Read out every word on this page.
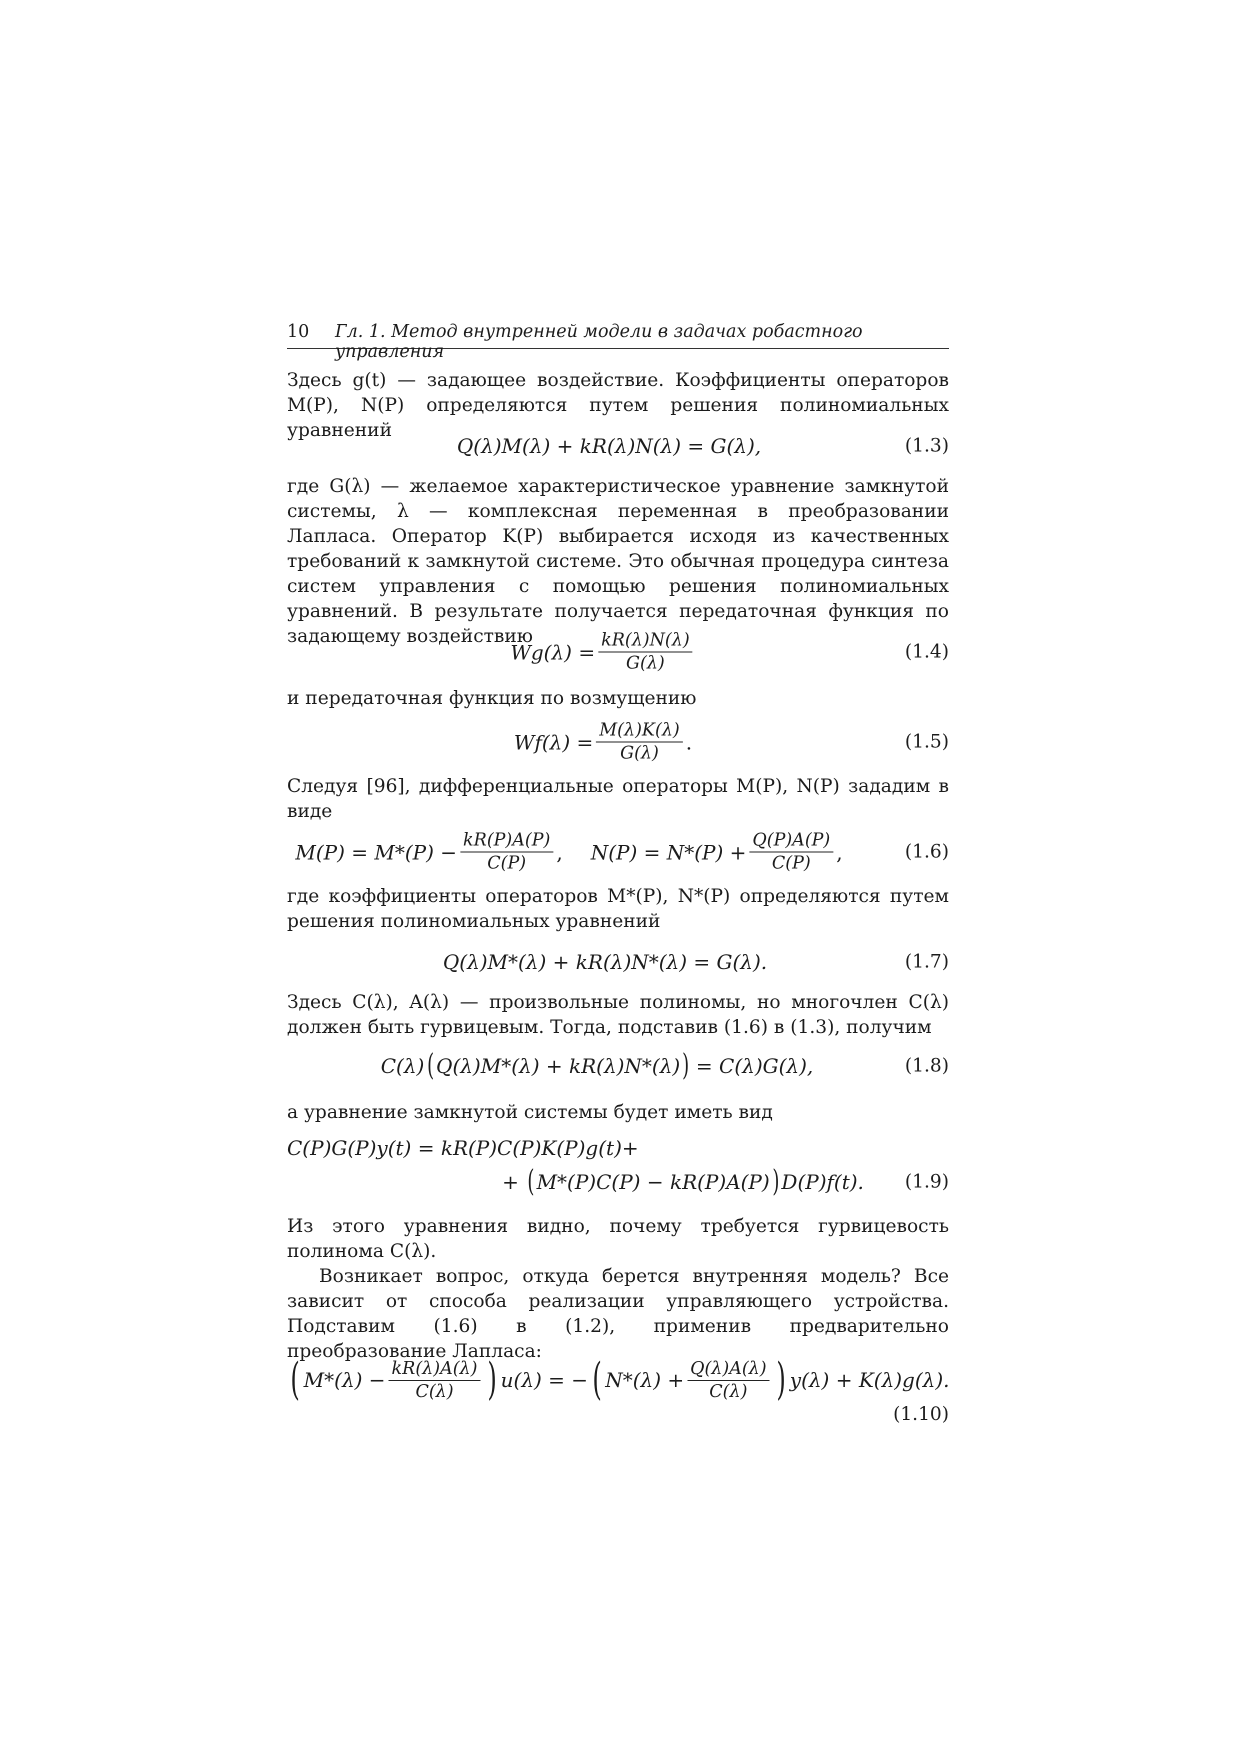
10 Гл. 1. Метод внутренней модели в задачах робастного управления

Здесь g(t) — задающее воздействие. Коэффициенты операторов M(P), N(P) определяются путем решения полиномиальных уравнений

Q(λ)M(λ) + kR(λ)N(λ) = G(λ),	(1.3)

где G(λ) — желаемое характеристическое уравнение замкнутой системы, λ — комплексная переменная в преобразовании Лапласа. Оператор K(P) выбирается исходя из качественных требований к замкнутой системе. Это обычная процедура синтеза систем управления с помощью решения полиномиальных уравнений. В результате получается передаточная функция по задающему воздействию

$Wg(\lambda) = \frac{kR(\lambda)N(\lambda)}{G(\lambda)}$	(1.4)

и передаточная функция по возмущению

$Wf(\lambda) = \frac{M(\lambda)K(\lambda)}{G(\lambda)}$ .	(1.5)

Следуя [96], дифференциальные операторы M(P), N(P) зададим в виде

$M(P) = M*(P) - \frac{kR(P)A(P)}{C(P)}$ , $N(P) = N*(P) + \frac{Q(P)A(P)}{C(P)}$ ,	(1.6)

где коэффициенты операторов M*(P), N*(P) определяются путем решения полиномиальных уравнений

Q(λ)M*(λ) + kR(λ)N*(λ) = G(λ).	(1.7)

Здесь C(λ), A(λ) — произвольные полиномы, но многочлен C(λ) должен быть гурвицевым. Тогда, подставив (1.6) в (1.3), получим

C(λ) ( Q(λ)M*(λ) + kR(λ)N*(λ) ) = C(λ)G(λ),	(1.8)

а уравнение замкнутой системы будет иметь вид

C(P)G(P)y(t) = kR(P)C(P)K(P)g(t)+
+ ( M*(P)C(P) − kR(P)A(P) ) D(P)f(t). (1.9)

Из этого уравнения видно, почему требуется гурвицевость полинома C(λ).

Возникает вопрос, откуда берется внутренняя модель? Все зависит от способа реализации управляющего устройства. Подставим (1.6) в (1.2), применив предварительно преобразование Лапласа:

( $M*(\lambda) - \frac{kR(\lambda)A(\lambda)}{C(\lambda)}$ ) u(λ) = − ( $N*(\lambda) + \frac{Q(\lambda)A(\lambda)}{C(\lambda)}$ ) y(λ) + K(λ)g(λ).
(1.10)
